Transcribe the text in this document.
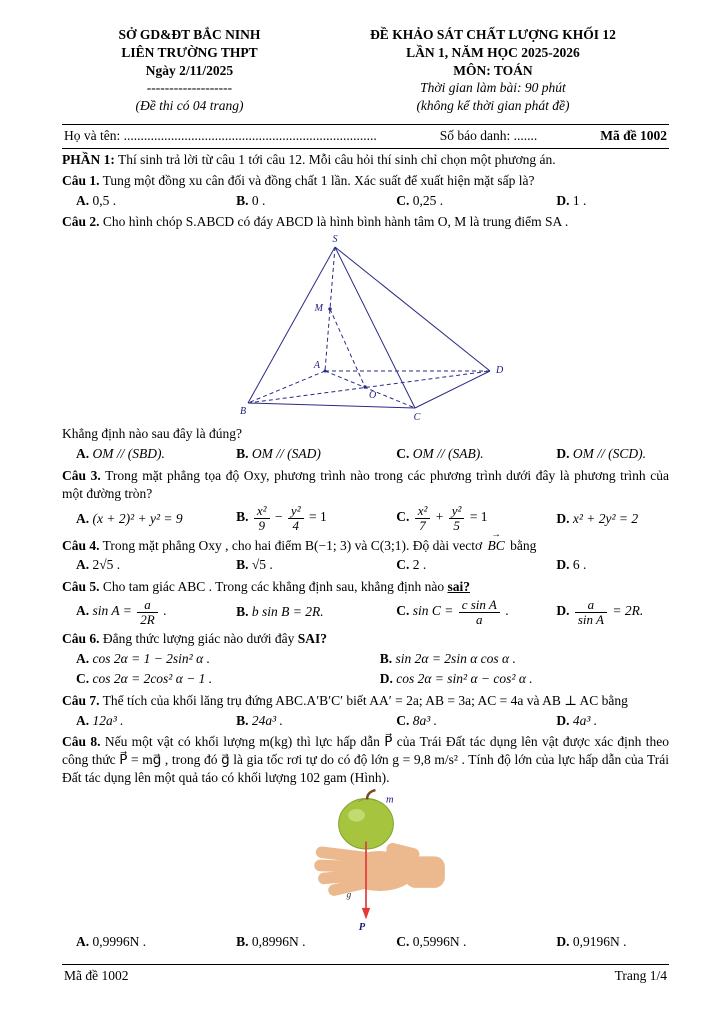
SỞ GD&ĐT BẮC NINH
LIÊN TRƯỜNG THPT
Ngày 2/11/2025
-------------------
(Đề thi có 04 trang)
ĐỀ KHẢO SÁT CHẤT LƯỢNG KHỐI 12
LẦN 1, NĂM HỌC 2025-2026
MÔN: TOÁN
Thời gian làm bài: 90 phút
(không kể thời gian phát đề)
Họ và tên: ...........................................................................	Số báo danh: .......	Mã đề 1002

PHẦN 1: Thí sinh trả lời từ câu 1 tới câu 12. Mỗi câu hỏi thí sinh chỉ chọn một phương án.

Câu 1. Tung một đồng xu cân đối và đồng chất 1 lần. Xác suất để xuất hiện mặt sấp là?

A. 0,5 .	B. 0 .	C. 0,25 .	D. 1 .

Câu 2. Cho hình chóp S.ABCD có đáy ABCD là hình bình hành tâm O, M là trung điểm SA .

S
M
A
B
C
D
O

Khẳng định nào sau đây là đúng?

A. OM // (SBD).	B. OM // (SAD)	C. OM // (SAB).	D. OM // (SCD).

Câu 3. Trong mặt phẳng tọa độ Oxy, phương trình nào trong các phương trình dưới đây là phương trình của một đường tròn?

A. (x + 2)² + y² = 9	B. $\frac{\text{x²}}{9} - \frac{\text{y²}}{4} = 1$	C. $\frac{\text{x²}}{7} + \frac{\text{y²}}{5} = 1$	D. x² + 2y² = 2

Câu 4. Trong mặt phẳng Oxy , cho hai điểm B(−1; 3) và C(3;1). Độ dài vectơ → BC bằng

A. 2√5 .	B. √5 .	C. 2 .	D. 6 .

Câu 5. Cho tam giác ABC . Trong các khẳng định sau, khẳng định nào sai?

A. $\sin A = \frac{a}{2R}$ .	B. b sin B = 2R.	C. $\sin C = \frac{\text{c sin A}}{a}$ .	D. $\frac{a}{\text{sin A}} = 2R$.

Câu 6. Đẳng thức lượng giác nào dưới đây SAI?

A. cos 2α = 1 − 2sin² α .	B. sin 2α = 2sin α cos α .
C. cos 2α = 2cos² α − 1 .	D. cos 2α = sin² α − cos² α .

Câu 7. Thể tích của khối lăng trụ đứng ABC.A′B′C′ biết AA′ = 2a; AB = 3a; AC = 4a và AB ⊥ AC bằng

A. 12a³ .	B. 24a³ .	C. 8a³ .	D. 4a³ .

Câu 8. Nếu một vật có khối lượng m(kg) thì lực hấp dẫn P⃗ của Trái Đất tác dụng lên vật được xác định theo công thức P⃗ = mg⃗ , trong đó g⃗ là gia tốc rơi tự do có độ lớn g = 9,8 m/s² . Tính độ lớn của lực hấp dẫn của Trái Đất tác dụng lên một quả táo có khối lượng 102 gam (Hình).

m
g⃗
P⃗
A. 0,9996N .	B. 0,8996N .	C. 0,5996N .	D. 0,9196N .
Mã đề 1002	Trang 1/4
